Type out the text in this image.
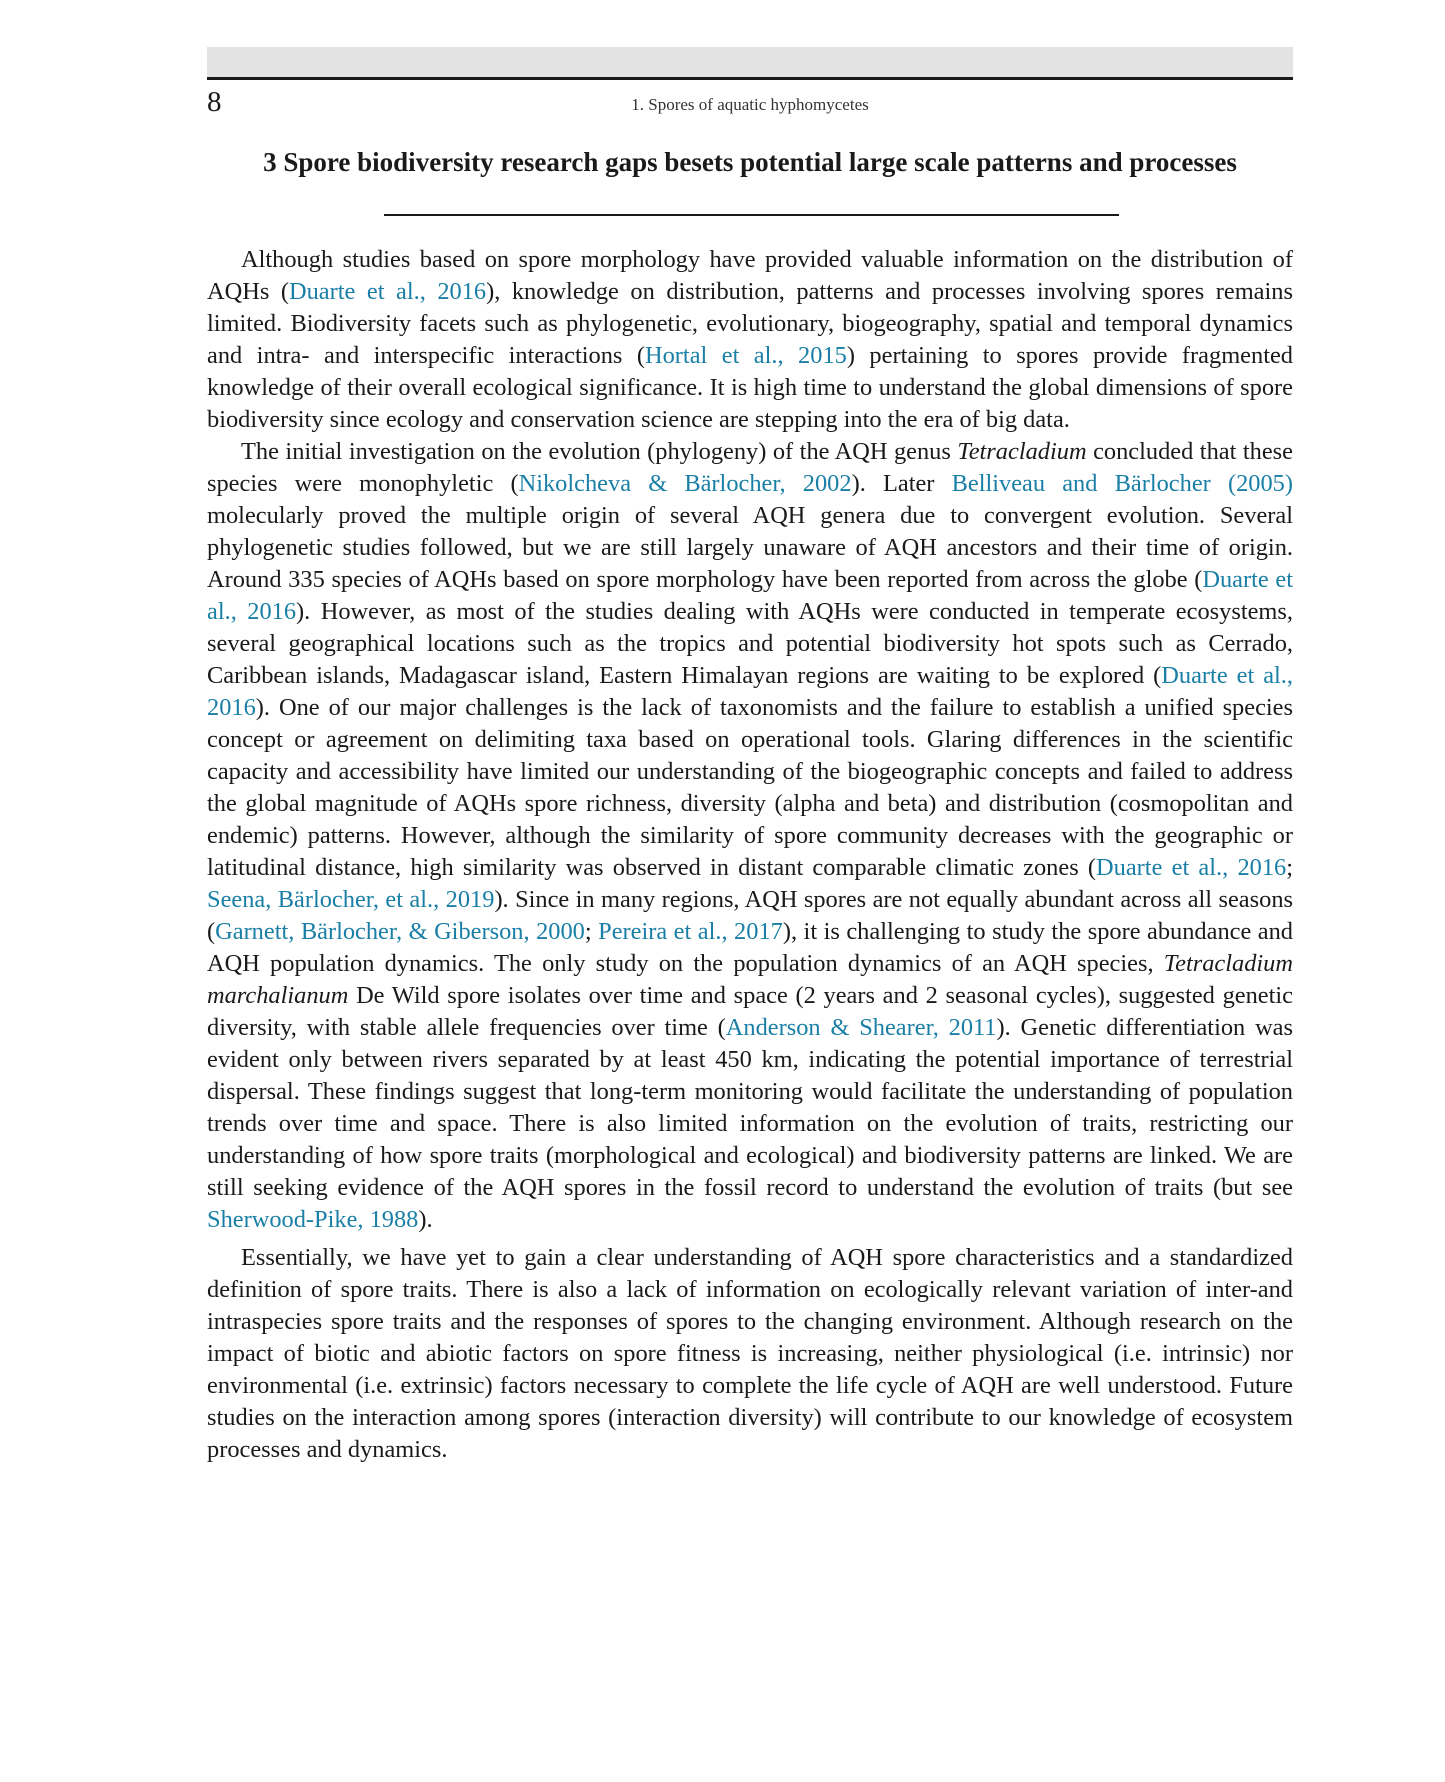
8	1. Spores of aquatic hyphomycetes
3 Spore biodiversity research gaps besets potential large scale patterns and processes

Although studies based on spore morphology have provided valuable information on the distribution of AQHs (Duarte et al., 2016), knowledge on distribution, patterns and processes involving spores remains limited. Biodiversity facets such as phylogenetic, evolutionary, biogeography, spatial and temporal dynamics and intra- and interspecific interactions (Hortal et al., 2015) pertaining to spores provide fragmented knowledge of their overall ecological significance. It is high time to understand the global dimensions of spore biodiversity since ecology and conservation science are stepping into the era of big data.

The initial investigation on the evolution (phylogeny) of the AQH genus Tetracladium concluded that these species were monophyletic (Nikolcheva & Bärlocher, 2002). Later Belliveau and Bärlocher (2005) molecularly proved the multiple origin of several AQH genera due to convergent evolution. Several phylogenetic studies followed, but we are still largely unaware of AQH ancestors and their time of origin. Around 335 species of AQHs based on spore morphology have been reported from across the globe (Duarte et al., 2016). However, as most of the studies dealing with AQHs were conducted in temperate ecosystems, several geographical locations such as the tropics and potential biodiversity hot spots such as Cerrado, Caribbean islands, Madagascar island, Eastern Himalayan regions are waiting to be explored (Duarte et al., 2016). One of our major challenges is the lack of taxonomists and the failure to establish a unified species concept or agreement on delimiting taxa based on operational tools. Glaring differences in the scientific capacity and accessibility have limited our understanding of the biogeographic concepts and failed to address the global magnitude of AQHs spore richness, diversity (alpha and beta) and distribution (cosmopolitan and endemic) patterns. However, although the similarity of spore community decreases with the geographic or latitudinal distance, high similarity was observed in distant comparable climatic zones (Duarte et al., 2016; Seena, Bärlocher, et al., 2019). Since in many regions, AQH spores are not equally abundant across all seasons (Garnett, Bärlocher, & Giberson, 2000; Pereira et al., 2017), it is challenging to study the spore abundance and AQH population dynamics. The only study on the population dynamics of an AQH species, Tetracladium marchalianum De Wild spore isolates over time and space (2 years and 2 seasonal cycles), suggested genetic diversity, with stable allele frequencies over time (Anderson & Shearer, 2011). Genetic differentiation was evident only between rivers separated by at least 450 km, indicating the potential importance of terrestrial dispersal. These findings suggest that long-term monitoring would facilitate the understanding of population trends over time and space. There is also limited information on the evolution of traits, restricting our understanding of how spore traits (morphological and ecological) and biodiversity patterns are linked. We are still seeking evidence of the AQH spores in the fossil record to understand the evolution of traits (but see Sherwood-Pike, 1988).

Essentially, we have yet to gain a clear understanding of AQH spore characteristics and a standardized definition of spore traits. There is also a lack of information on ecologically relevant variation of inter-and intraspecies spore traits and the responses of spores to the changing environment. Although research on the impact of biotic and abiotic factors on spore fitness is increasing, neither physiological (i.e. intrinsic) nor environmental (i.e. extrinsic) factors necessary to complete the life cycle of AQH are well understood. Future studies on the interaction among spores (interaction diversity) will contribute to our knowledge of ecosystem processes and dynamics.
